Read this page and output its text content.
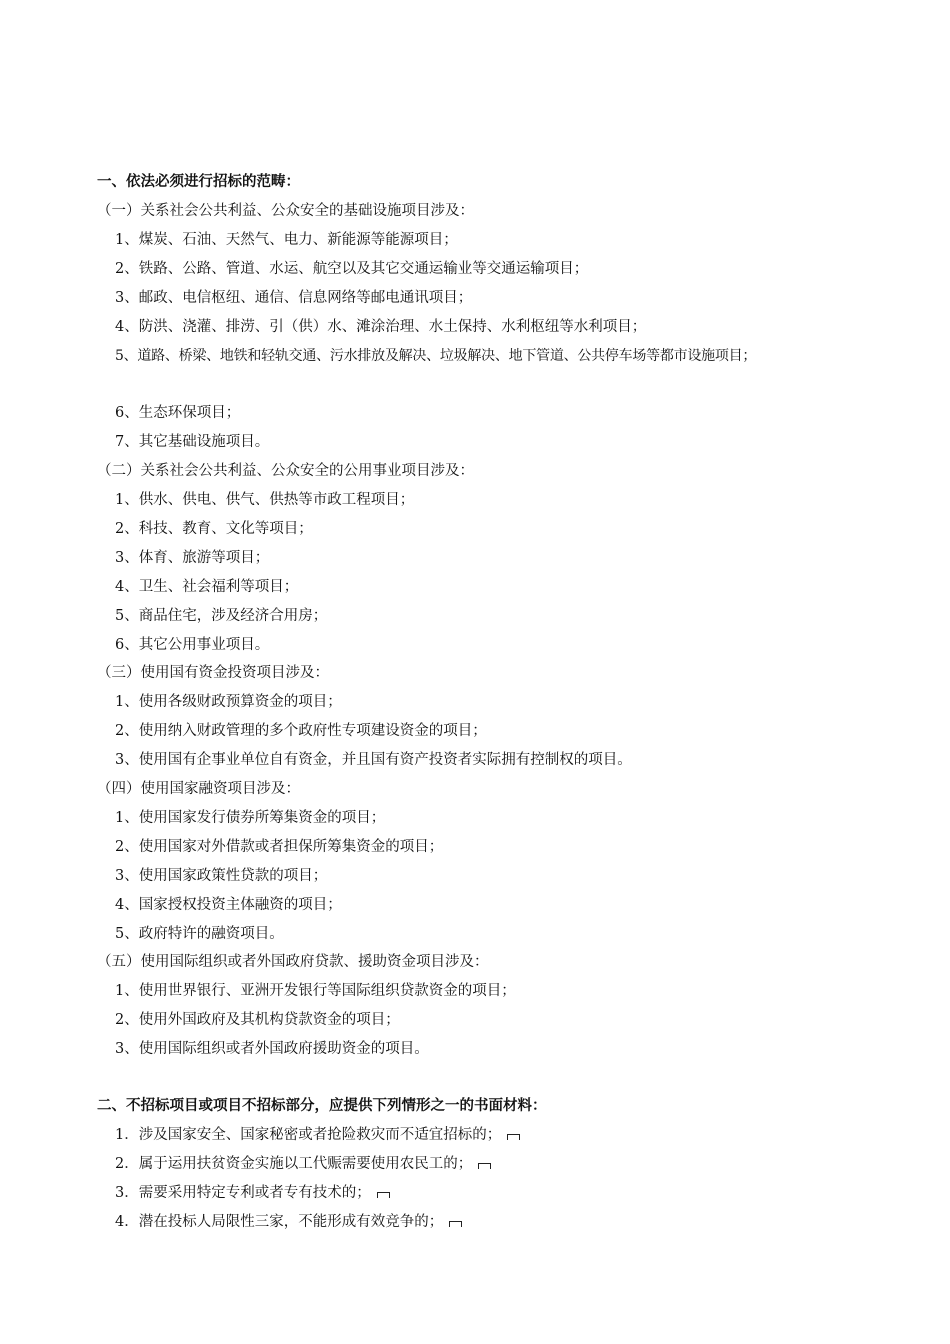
一、依法必须进行招标的范畴：
（一）关系社会公共利益、公众安全的基础设施项目涉及：
1、煤炭、石油、天然气、电力、新能源等能源项目；
2、铁路、公路、管道、水运、航空以及其它交通运输业等交通运输项目；
3、邮政、电信枢纽、通信、信息网络等邮电通讯项目；
4、防洪、浇灌、排涝、引（供）水、滩涂治理、水土保持、水利枢纽等水利项目；
5、道路、桥梁、地铁和轻轨交通、污水排放及解决、垃圾解决、地下管道、公共停车场等都市设施项目；
6、生态环保项目；
7、其它基础设施项目。
（二）关系社会公共利益、公众安全的公用事业项目涉及：
1、供水、供电、供气、供热等市政工程项目；
2、科技、教育、文化等项目；
3、体育、旅游等项目；
4、卫生、社会福利等项目；
5、商品住宅，涉及经济合用房；
6、其它公用事业项目。
（三）使用国有资金投资项目涉及：
1、使用各级财政预算资金的项目；
2、使用纳入财政管理的多个政府性专项建设资金的项目；
3、使用国有企事业单位自有资金，并且国有资产投资者实际拥有控制权的项目。
（四）使用国家融资项目涉及：
1、使用国家发行债券所筹集资金的项目；
2、使用国家对外借款或者担保所筹集资金的项目；
3、使用国家政策性贷款的项目；
4、国家授权投资主体融资的项目；
5、政府特许的融资项目。
（五）使用国际组织或者外国政府贷款、援助资金项目涉及：
1、使用世界银行、亚洲开发银行等国际组织贷款资金的项目；
2、使用外国政府及其机构贷款资金的项目；
3、使用国际组织或者外国政府援助资金的项目。
二、不招标项目或项目不招标部分，应提供下列情形之一的书面材料：
1．涉及国家安全、国家秘密或者抢险救灾而不适宜招标的；
2．属于运用扶贫资金实施以工代赈需要使用农民工的；
3．需要采用特定专利或者专有技术的；
4．潜在投标人局限性三家，不能形成有效竞争的；
